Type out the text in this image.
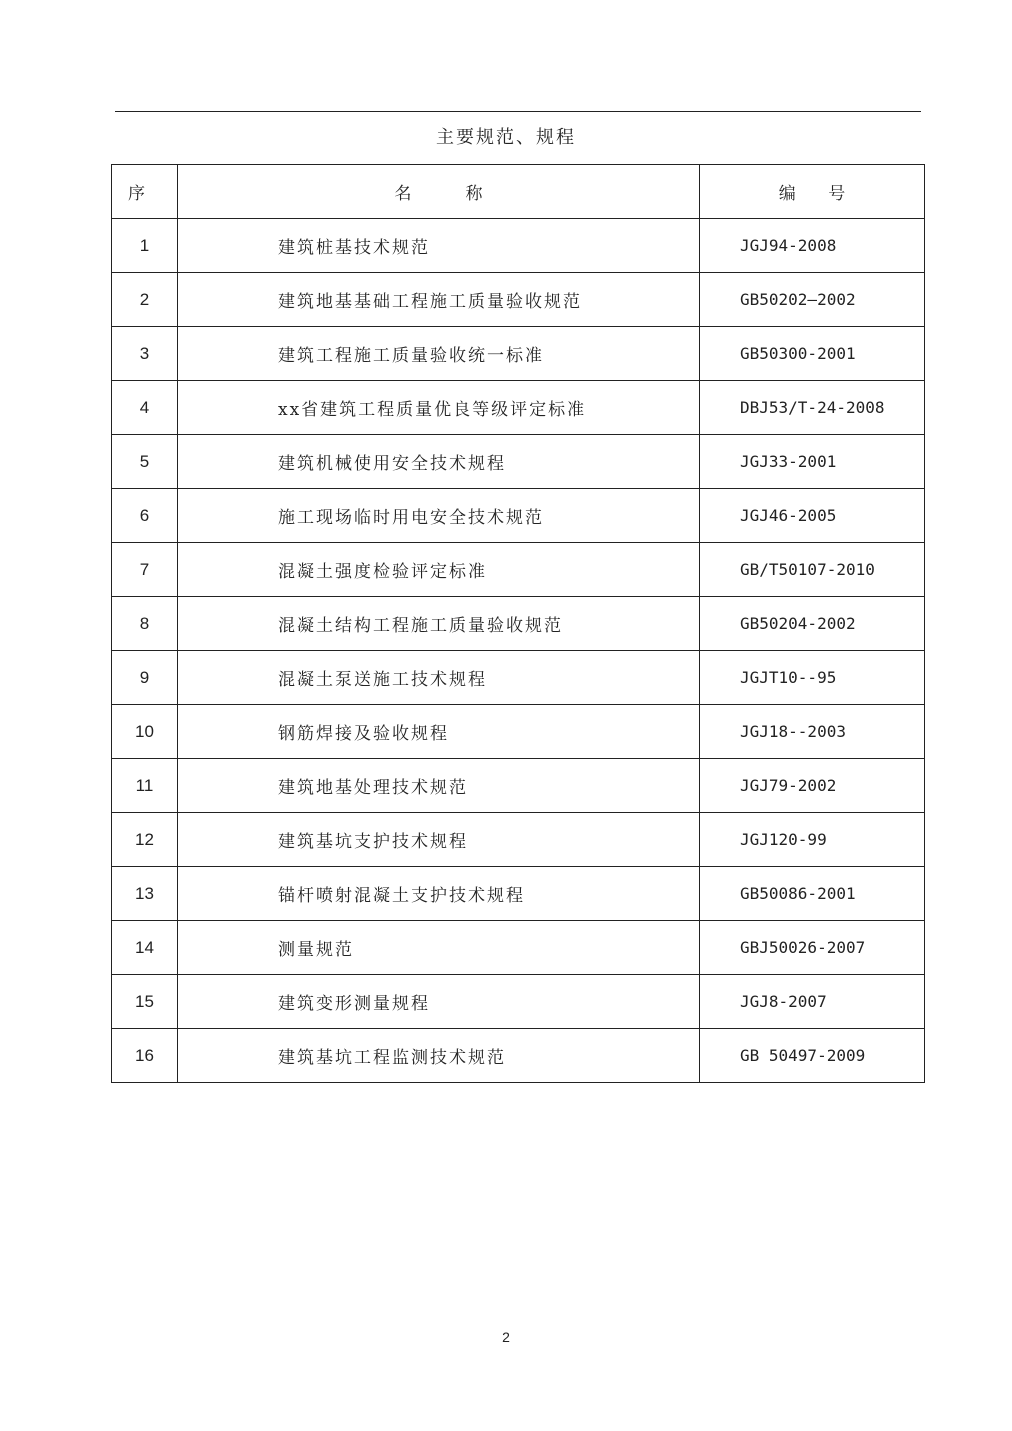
主要规范、规程
序	名          称	编      号
1	建筑桩基技术规范	JGJ94-2008
2	建筑地基基础工程施工质量验收规范	GB50202—2002
3	建筑工程施工质量验收统一标准	GB50300-2001
4	xx省建筑工程质量优良等级评定标准	DBJ53/T-24-2008
5	建筑机械使用安全技术规程	JGJ33-2001
6	施工现场临时用电安全技术规范	JGJ46-2005
7	混凝土强度检验评定标准	GB/T50107-2010
8	混凝土结构工程施工质量验收规范	GB50204-2002
9	混凝土泵送施工技术规程	JGJT10--95
10	钢筋焊接及验收规程	JGJ18--2003
11	建筑地基处理技术规范	JGJ79-2002
12	建筑基坑支护技术规程	JGJ120-99
13	锚杆喷射混凝土支护技术规程	GB50086-2001
14	测量规范	GBJ50026-2007
15	建筑变形测量规程	JGJ8-2007
16	建筑基坑工程监测技术规范	GB 50497-2009
2
